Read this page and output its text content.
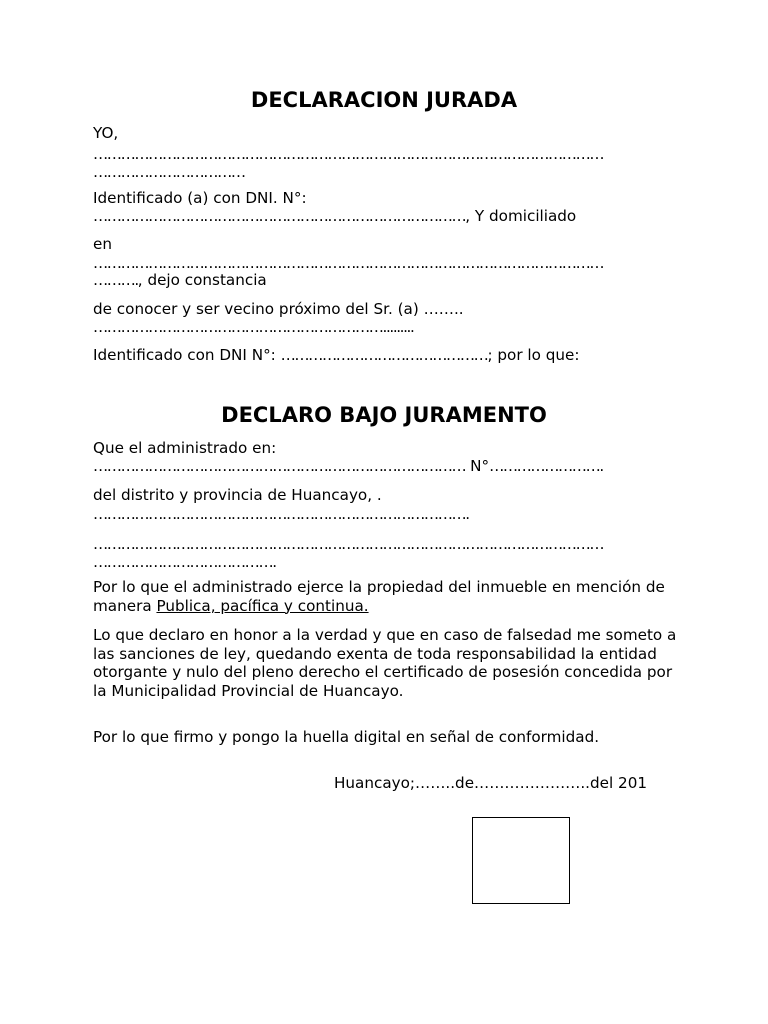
DECLARACION JURADA

YO,

…………………………………………………………………………………………………

……………………………

Identificado (a) con DNI. N°:

………………………………………………………………………, Y domiciliado

en

…………………………………………………………………………………………………

………., dejo constancia

de conocer y ser vecino próximo del Sr. (a) ……..

……………………………………………………….........

Identificado con DNI N°: ………………………………………; por lo que:

DECLARO BAJO JURAMENTO

Que el administrado en:

……………………………………………………………………… N°…………………….

del distrito y provincia de Huancayo, .

……………………………………………………………………….

…………………………………………………………………………………………………

………………………………….

Por lo que el administrado ejerce la propiedad del inmueble en mención de manera Publica, pacífica y continua.

Lo que declaro en honor a la verdad y que en caso de falsedad me someto a las sanciones de ley, quedando exenta de toda responsabilidad la entidad otorgante y nulo del pleno derecho el certificado de posesión concedida por la Municipalidad Provincial de Huancayo.

Por lo que firmo y pongo la huella digital en señal de conformidad.

Huancayo;……..de…………………..del 201
